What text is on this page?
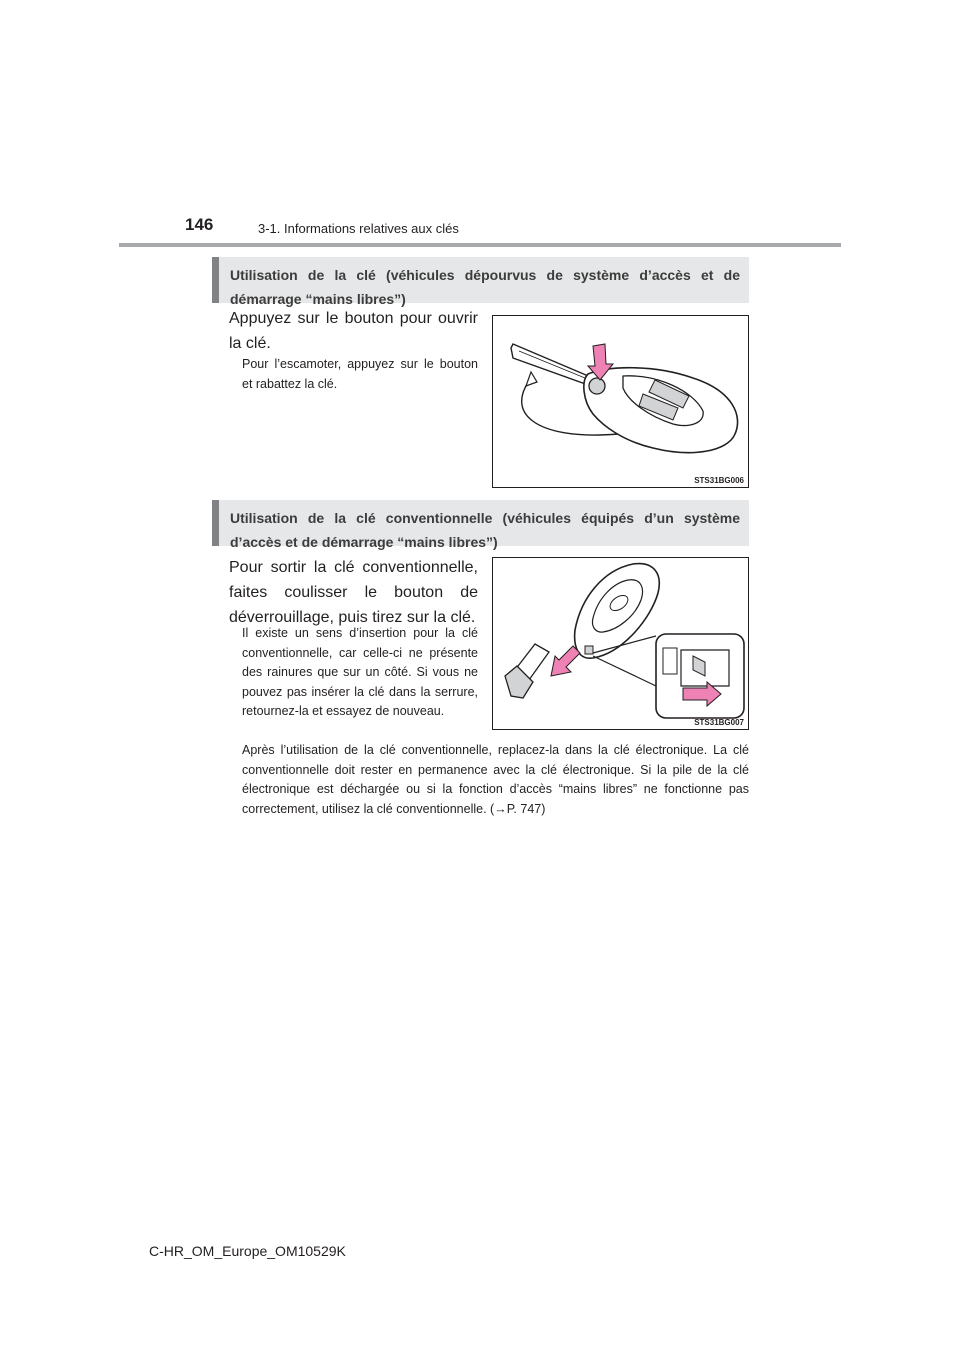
146	3-1. Informations relatives aux clés
Utilisation de la clé (véhicules dépourvus de système d’accès et de démarrage “mains libres”)
Appuyez sur le bouton pour ouvrir la clé.
Pour l’escamoter, appuyez sur le bouton et rabattez la clé.
STS31BG006
Utilisation de la clé conventionnelle (véhicules équipés d’un système d’accès et de démarrage “mains libres”)
Pour sortir la clé conventionnelle, faites coulisser le bouton de déverrouillage, puis tirez sur la clé.
Il existe un sens d’insertion pour la clé conventionnelle, car celle-ci ne présente des rainures que sur un côté. Si vous ne pouvez pas insérer la clé dans la serrure, retournez-la et essayez de nouveau.
Après l’utilisation de la clé conventionnelle, replacez-la dans la clé électronique. La clé conventionnelle doit rester en permanence avec la clé électronique. Si la pile de la clé électronique est déchargée ou si la fonction d’accès “mains libres” ne fonctionne pas correctement, utilisez la clé conventionnelle. (→P. 747)
STS31BG007
C-HR_OM_Europe_OM10529K
